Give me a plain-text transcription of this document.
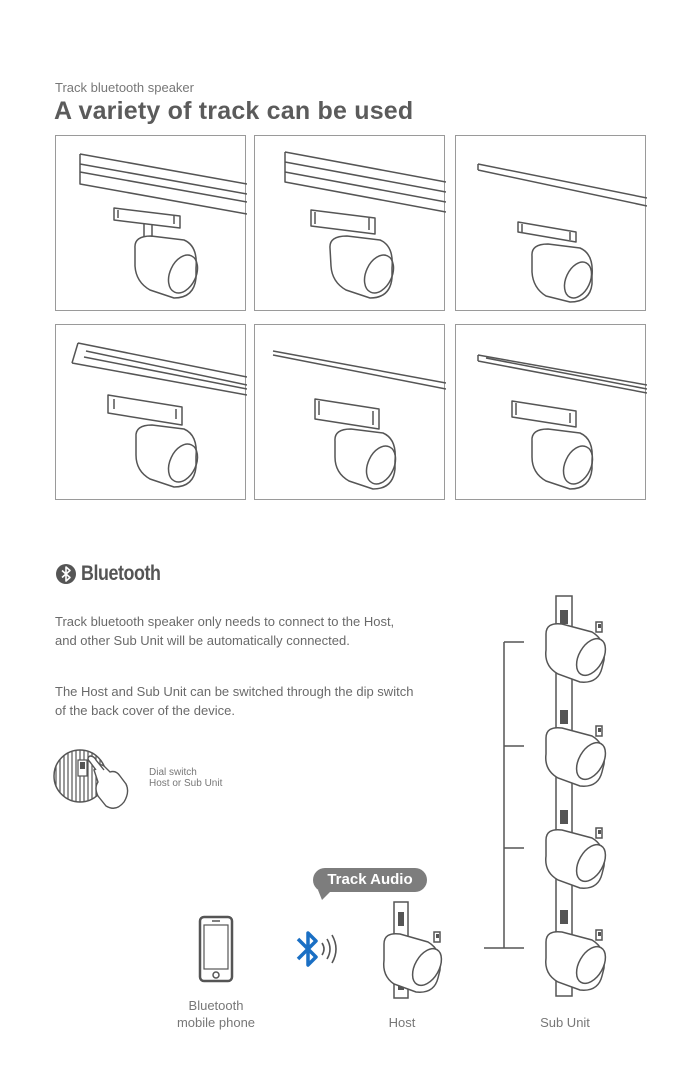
Track bluetooth speaker
A variety of track can be used
Bluetooth
Track bluetooth speaker only needs to connect to the Host, and other Sub Unit will be automatically connected.
The Host and Sub Unit can be switched through the dip switch of the back cover of the device.
Dial switch
Host or Sub Unit
Bluetooth
mobile phone
Track Audio
Host	Sub Unit
